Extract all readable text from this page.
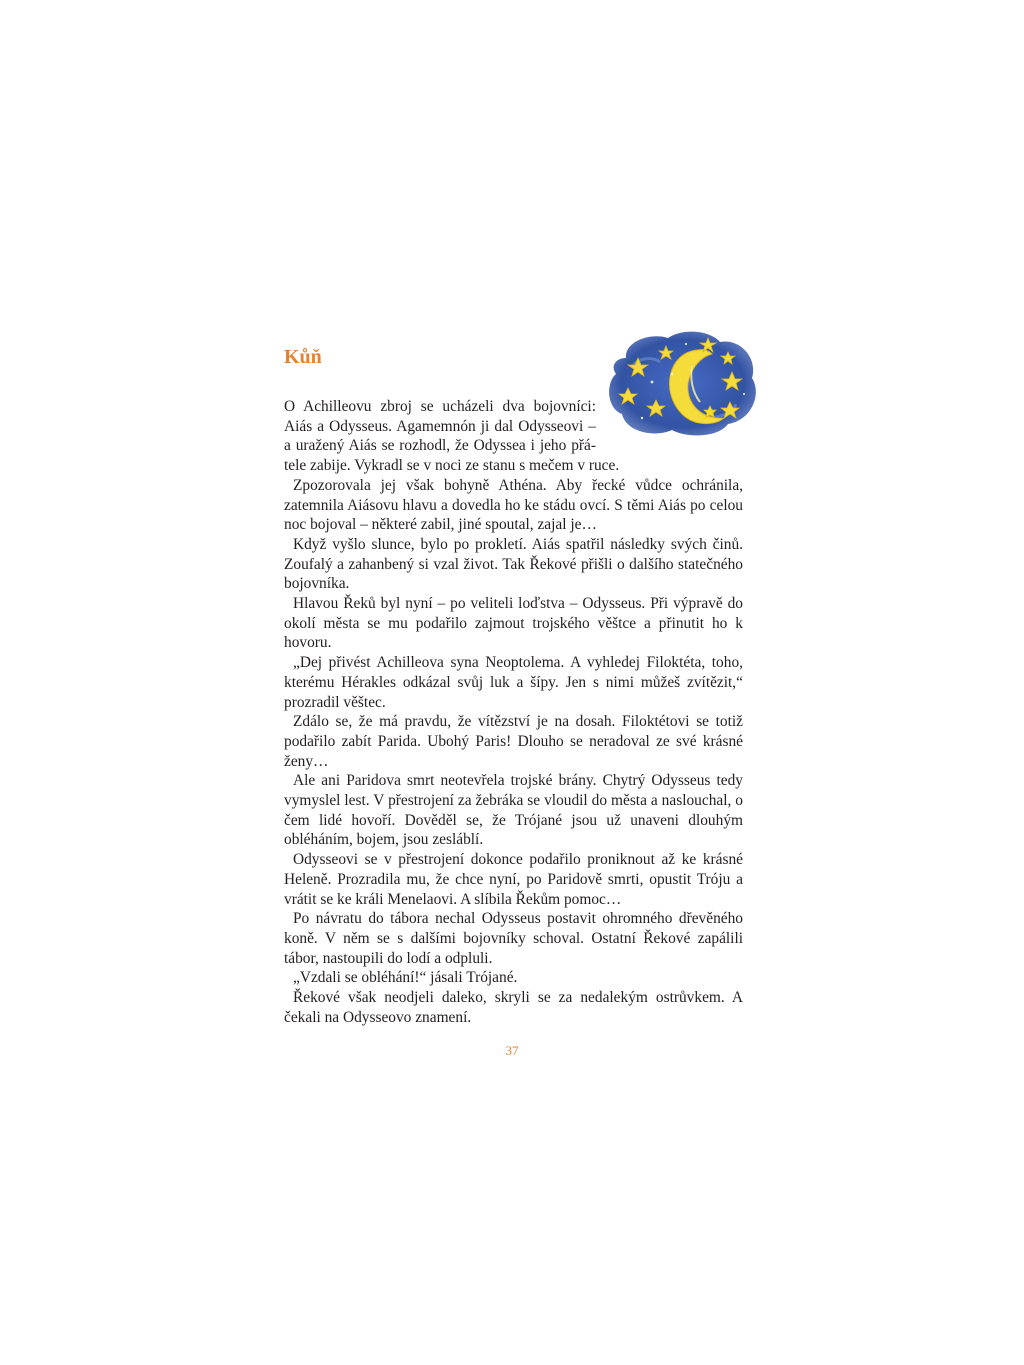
Kůň

O Achilleovu zbroj se ucházeli dva bojovníci:
Aiás a Odysseus. Agamemnón ji dal Odysseovi –
a uražený Aiás se rozhodl, že Odyssea i jeho přá-
tele zabije. Vykradl se v noci ze stanu s mečem v ruce.

Zpozorovala jej však bohyně Athéna. Aby řecké vůdce ochránila, zatemnila Aiásovu hlavu a dovedla ho ke stádu ovcí. S těmi Aiás po celou noc bojoval – některé zabil, jiné spoutal, zajal je…

Když vyšlo slunce, bylo po prokletí. Aiás spatřil následky svých činů. Zoufalý a zahanbený si vzal život. Tak Řekové přišli o dalšího statečného bojovníka.

Hlavou Řeků byl nyní – po veliteli loďstva – Odysseus. Při výpravě do okolí města se mu podařilo zajmout trojského věštce a přinutit ho k hovoru.

„Dej přivést Achilleova syna Neoptolema. A vyhledej Filoktéta, toho, kterému Hérakles odkázal svůj luk a šípy. Jen s nimi můžeš zvítězit,“ prozradil věštec.

Zdálo se, že má pravdu, že vítězství je na dosah. Filoktétovi se totiž podařilo zabít Parida. Ubohý Paris! Dlouho se neradoval ze své krásné ženy…

Ale ani Paridova smrt neotevřela trojské brány. Chytrý Odysseus tedy vymyslel lest. V přestrojení za žebráka se vloudil do města a naslouchal, o čem lidé hovoří. Dověděl se, že Trójané jsou už unaveni dlouhým obléháním, bojem, jsou zesláblí.

Odysseovi se v přestrojení dokonce podařilo proniknout až ke krásné Heleně. Prozradila mu, že chce nyní, po Paridově smrti, opustit Tróju a vrátit se ke králi Menelaovi. A slíbila Řekům pomoc…

Po návratu do tábora nechal Odysseus postavit ohromného dřevěného koně. V něm se s dalšími bojovníky schoval. Ostatní Řekové zapálili tábor, nastoupili do lodí a odpluli.

„Vzdali se obléhání!“ jásali Trójané.

Řekové však neodjeli daleko, skryli se za nedalekým ostrůvkem. A čekali na Odysseovo znamení.

37
